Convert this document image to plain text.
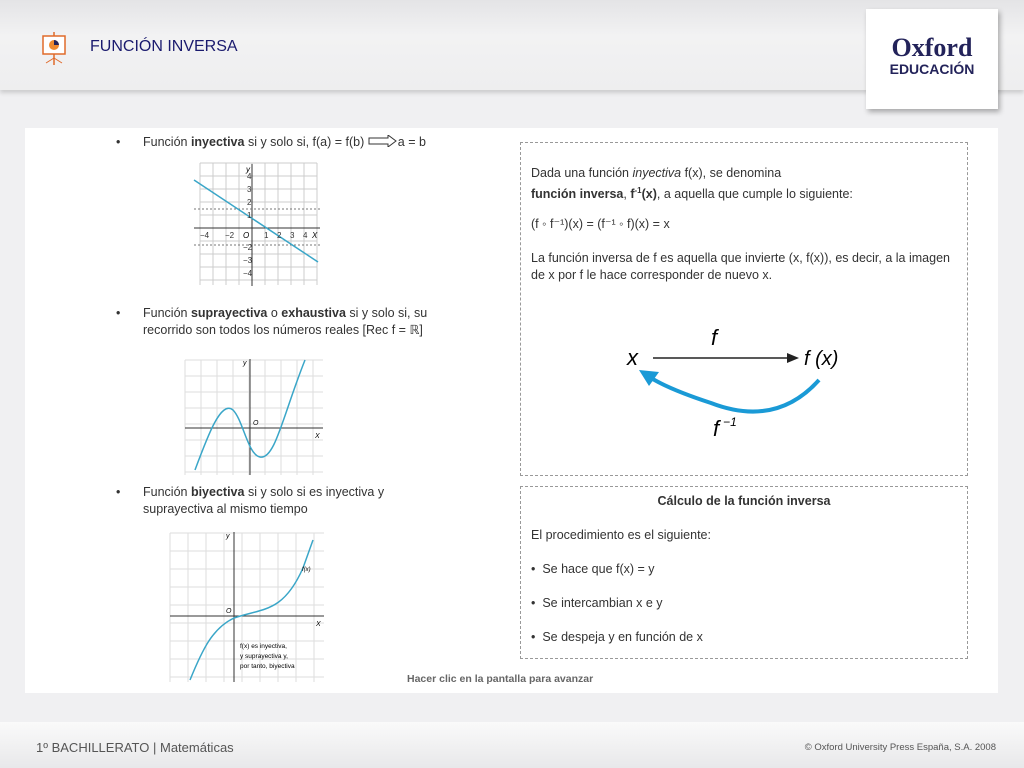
FUNCIÓN INVERSA	Oxford
EDUCACIÓN
• Función inyectiva si y solo si, f(a) = f(b) a = b
y
X
O
−4 −2	1 2 3 4
4
3
2
1
−2
−3
−4
• Función suprayectiva o exhaustiva si y solo si, su
recorrido son todos los números reales [Rec f = ℝ]
y
X
O
• Función biyectiva si y solo si es inyectiva y
suprayectiva al mismo tiempo
y
X
O
f(x)
f(x) es inyectiva,
y suprayectiva y,
por tanto, biyectiva
Dada una función inyectiva f(x), se denomina
función inversa, $f^{-1}(x)$, a aquella que cumple lo siguiente:
(f ◦ f⁻¹)(x) = (f⁻¹ ◦ f)(x) = x
La función inversa de f es aquella que invierte (x, f(x)), es decir, a la imagen de x por f le hace corresponder de nuevo x.
x
f
f (x)
f $^{-1}$
Cálculo de la función inversa
El procedimiento es el siguiente:
•  Se hace que f(x) = y
•  Se intercambian x e y
•  Se despeja y en función de x
Hacer clic en la pantalla para avanzar
1º BACHILLERATO | Matemáticas	© Oxford University Press España, S.A. 2008
